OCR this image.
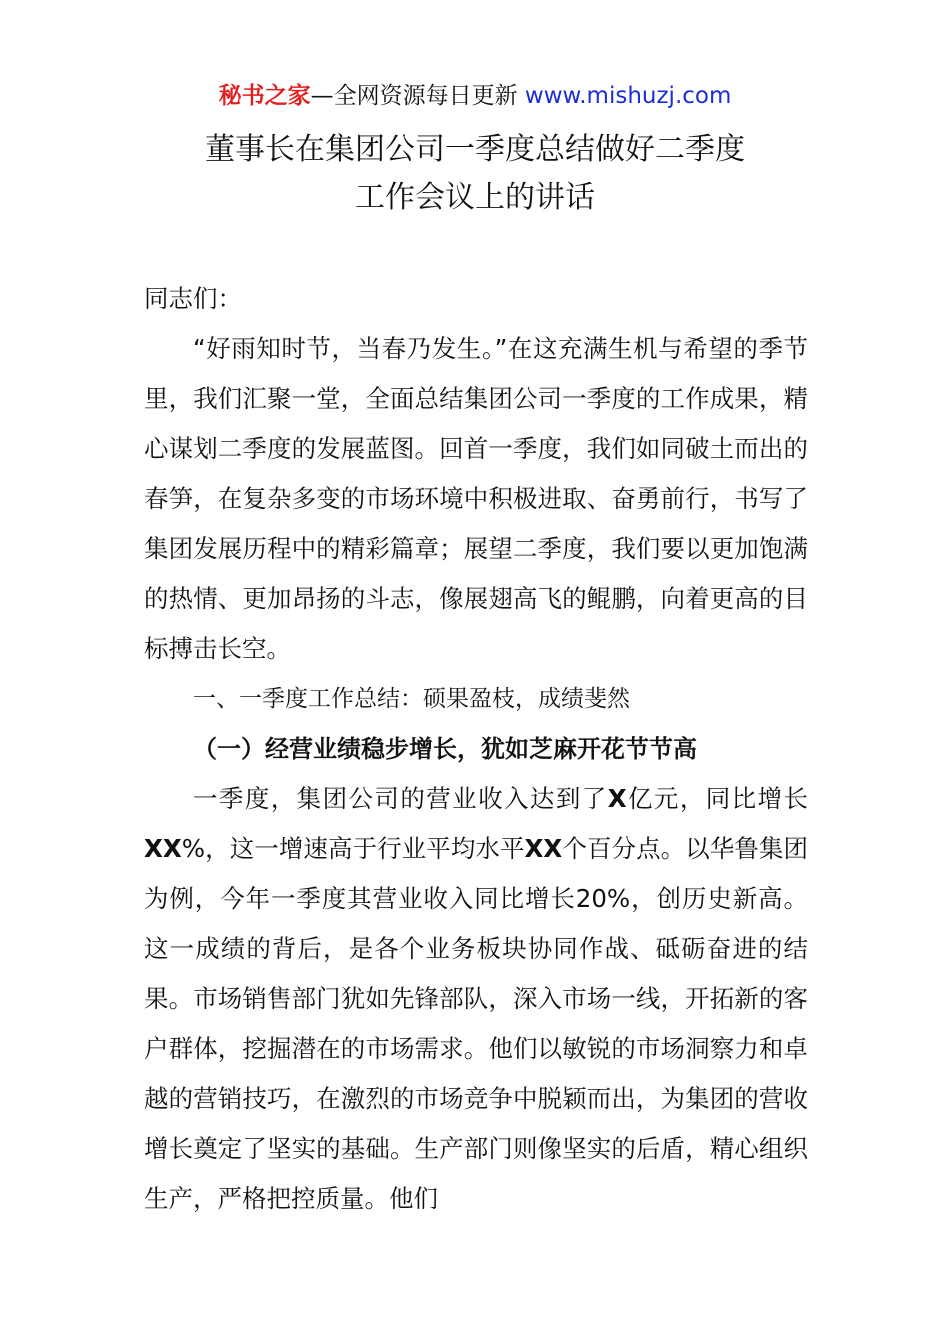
秘书之家—全网资源每日更新 www.mishuzj.com
董事长在集团公司一季度总结做好二季度
工作会议上的讲话

同志们：

“好雨知时节，当春乃发生。”在这充满生机与希望的季节里，我们汇聚一堂，全面总结集团公司一季度的工作成果，精心谋划二季度的发展蓝图。回首一季度，我们如同破土而出的春笋，在复杂多变的市场环境中积极进取、奋勇前行，书写了集团发展历程中的精彩篇章；展望二季度，我们要以更加饱满的热情、更加昂扬的斗志，像展翅高飞的鲲鹏，向着更高的目标搏击长空。

一、一季度工作总结：硕果盈枝，成绩斐然

（一）经营业绩稳步增长，犹如芝麻开花节节高

一季度，集团公司的营业收入达到了X亿元，同比增长XX%，这一增速高于行业平均水平XX个百分点。以华鲁集团为例，今年一季度其营业收入同比增长20%，创历史新高。这一成绩的背后，是各个业务板块协同作战、砥砺奋进的结果。市场销售部门犹如先锋部队，深入市场一线，开拓新的客户群体，挖掘潜在的市场需求。他们以敏锐的市场洞察力和卓越的营销技巧，在激烈的市场竞争中脱颖而出，为集团的营收增长奠定了坚实的基础。生产部门则像坚实的后盾，精心组织生产，严格把控质量。他们
